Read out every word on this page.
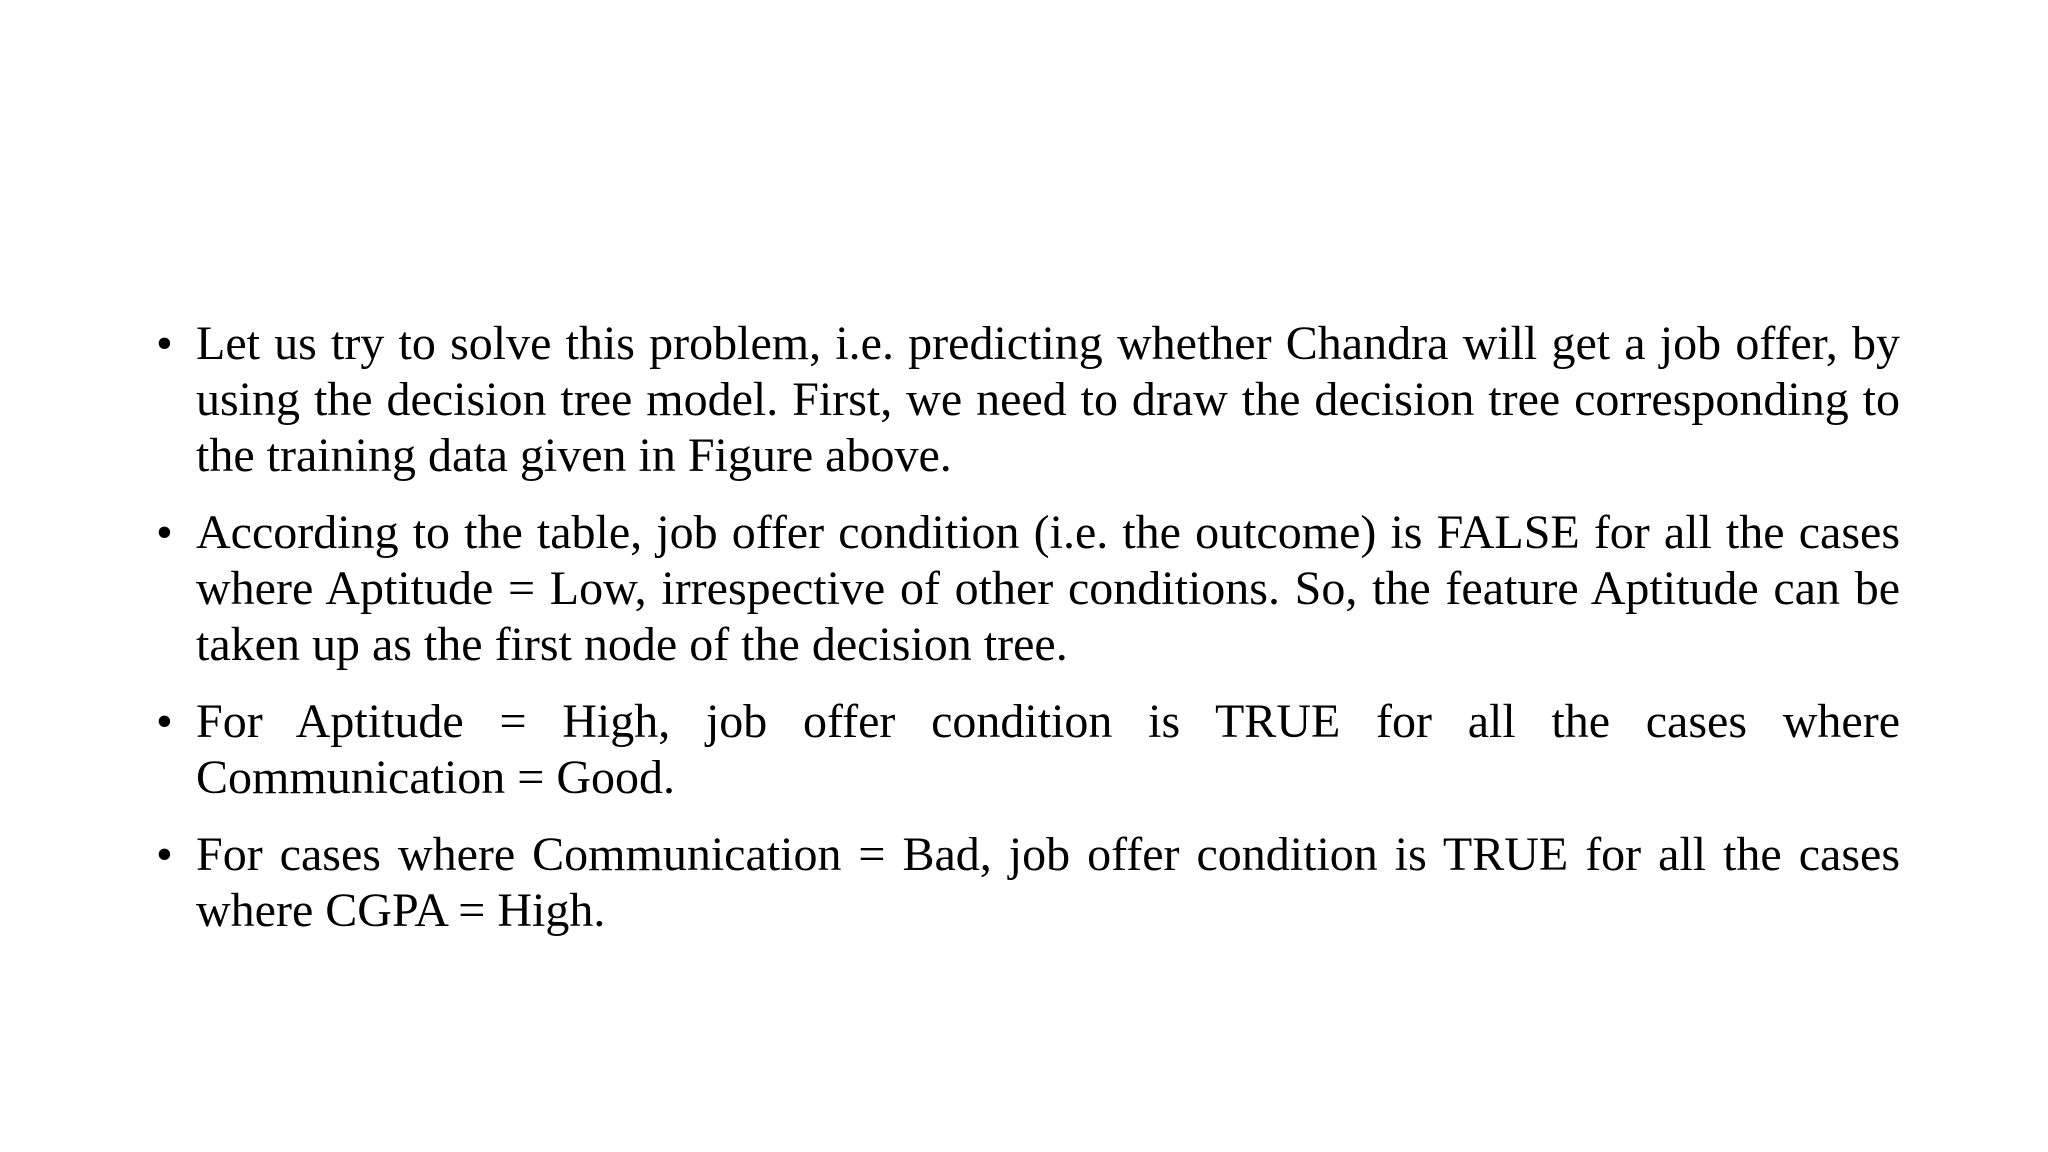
• Let us try to solve this problem, i.e. predicting whether Chandra will get a job offer, by using the decision tree model. First, we need to draw the decision tree corresponding to the training data given in Figure above.
• According to the table, job offer condition (i.e. the outcome) is FALSE for all the cases where Aptitude = Low, irrespective of other conditions. So, the feature Aptitude can be taken up as the first node of the decision tree.
• For Aptitude = High, job offer condition is TRUE for all the cases where Communication = Good.
• For cases where Communication = Bad, job offer condition is TRUE for all the cases where CGPA = High.
